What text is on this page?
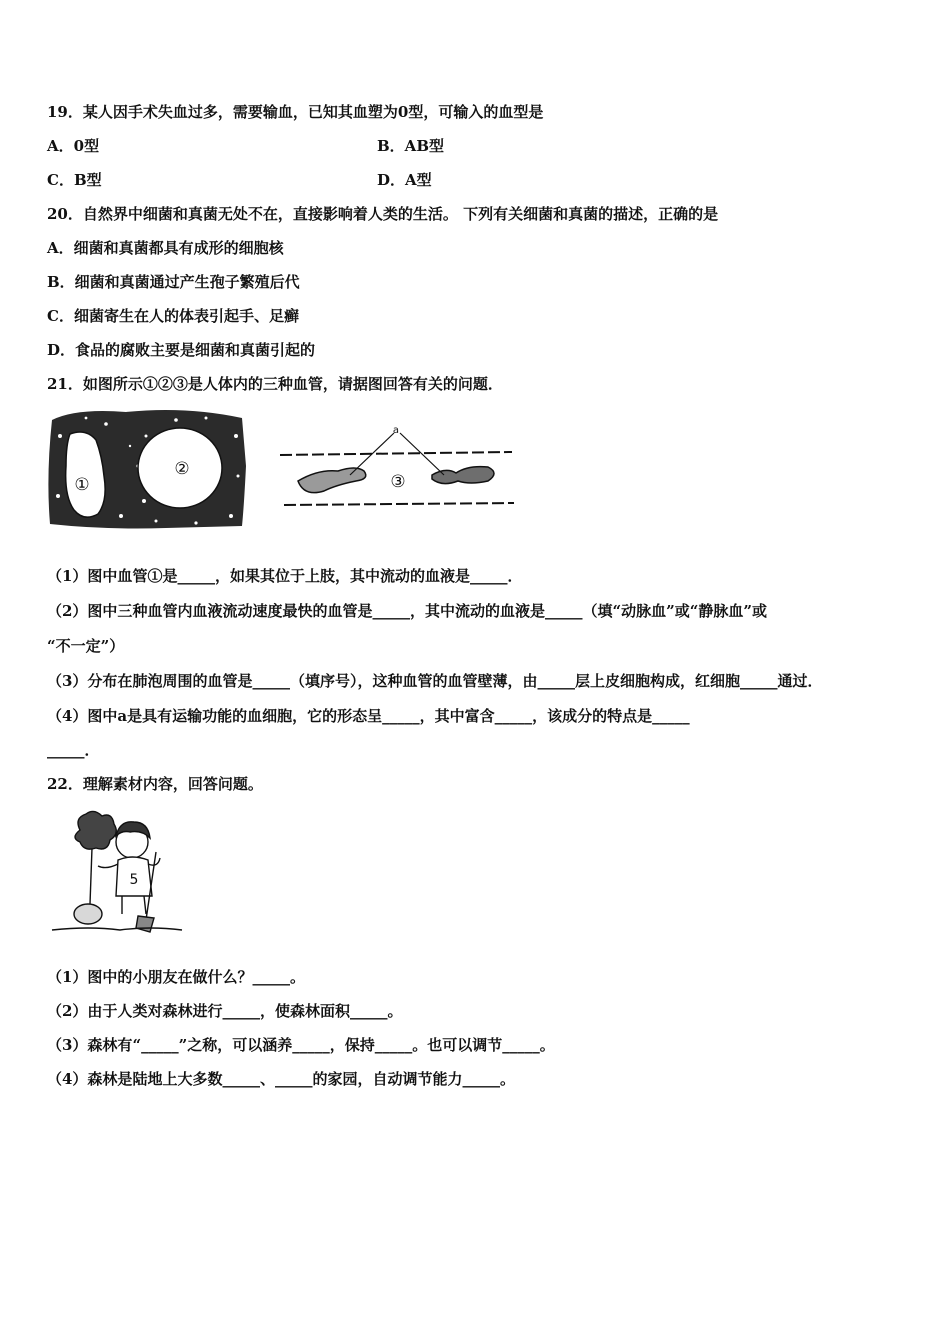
19．某人因手术失血过多，需要输血，已知其血塑为0型，可输入的血型是
A．0型	B．AB型
C．B型	D．A型
20．自然界中细菌和真菌无处不在，直接影响着人类的生活。 下列有关细菌和真菌的描述，正确的是
A．细菌和真菌都具有成形的细胞核
B．细菌和真菌通过产生孢子繁殖后代
C．细菌寄生在人的体表引起手、足癣
D．食品的腐败主要是细菌和真菌引起的
21．如图所示①②③是人体内的三种血管，请据图回答有关的问题．
①
②
a
③
（1）图中血管①是_____，如果其位于上肢，其中流动的血液是_____．
（2）图中三种血管内血液流动速度最快的血管是_____，其中流动的血液是_____（填“动脉血”或“静脉血”或
“不一定”）
（3）分布在肺泡周围的血管是_____（填序号），这种血管的血管壁薄，由_____层上皮细胞构成，红细胞_____通过．
（4）图中a是具有运输功能的血细胞，它的形态呈_____，其中富含_____，该成分的特点是_____
_____．
22．理解素材内容，回答问题。
5
（1）图中的小朋友在做什么？_____。
（2）由于人类对森林进行_____，使森林面积_____。
（3）森林有“_____”之称，可以涵养_____，保持_____。也可以调节_____。
（4）森林是陆地上大多数_____、_____的家园，自动调节能力_____。
